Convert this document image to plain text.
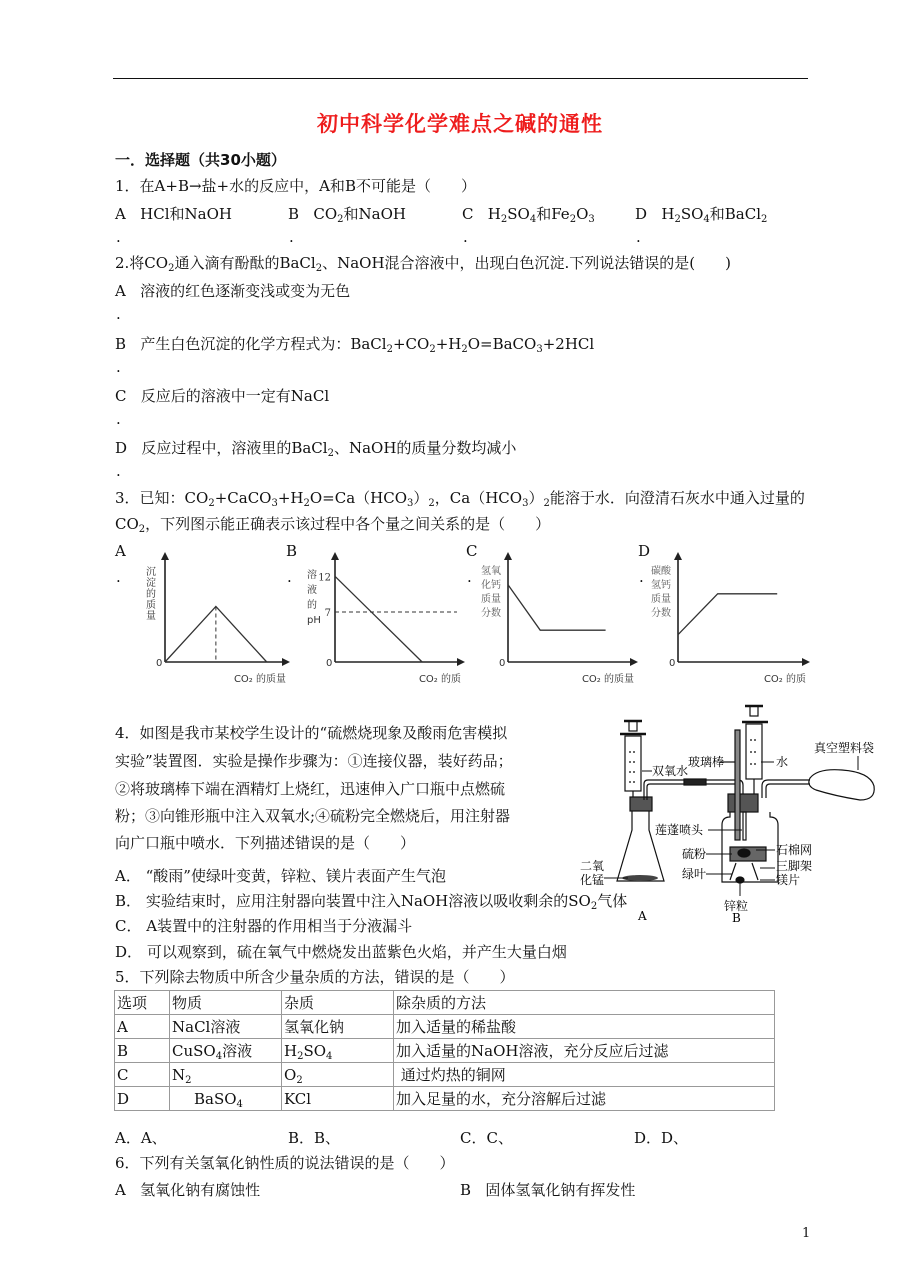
初中科学化学难点之碱的通性
一．选择题（共30小题）
1．在A+B→盐+水的反应中，A和B不可能是（　　）
A HCl和NaOH	B $CO_2$和NaOH	C $H_2SO_4$和$Fe_2O_3$	D $H_2SO_4$和BaCl$_2$
.	.	.	.
2.将$CO_2$通入滴有酚酞的BaCl$_2$、NaOH混合溶液中，出现白色沉淀.下列说法错误的是(　　)
A 溶液的红色逐渐变浅或变为无色
.
B 产生白色沉淀的化学方程式为：$BaCl_2+CO_2+H_2O=BaCO_3+2HCl$
.
C 反应后的溶液中一定有NaCl
.
D 反应过程中，溶液里的BaCl$_2$、NaOH的质量分数均减小
.
3．已知：$CO_2+CaCO_3+H_2O=Ca(HCO_3)_2$，$Ca(HCO_3)_2$能溶于水．向澄清石灰水中通入过量的
$CO_2$，下列图示能正确表示该过程中各个量之间关系的是（　　）
A	B	C	D
.	.	.	.
0
CO₂ 的质量
沉
淀
的
质
量
0
CO₂ 的质
溶
液
的
pH
7
12
0
CO₂ 的质量
氢氧
化钙
质量
分数
0
CO₂ 的质
碳酸
氢钙
质量
分数
4．如图是我市某校学生设计的“硫燃烧现象及酸雨危害模拟
实验”装置图．实验是操作步骤为：①连接仪器，装好药品；
②将玻璃棒下端在酒精灯上烧红，迅速伸入广口瓶中点燃硫
粉；③向锥形瓶中注入双氧水;④硫粉完全燃烧后，用注射器
向广口瓶中喷水．下列描述错误的是（　　）
A． “酸雨”使绿叶变黄，锌粒、镁片表面产生气泡
B． 实验结束时，应用注射器向装置中注入NaOH溶液以吸收剩余的$SO_2$气体
C． A装置中的注射器的作用相当于分液漏斗
D． 可以观察到，硫在氧气中燃烧发出蓝紫色火焰，并产生大量白烟
双氧水
玻璃棒	水
真空塑料袋
莲蓬喷头
硫粉	石棉网
三脚架
绿叶	镁片
二氧
化锰
锌粒
A	B
5．下列除去物质中所含少量杂质的方法，错误的是（　　）
选项	物质	杂质	除杂质的方法
A	NaCl溶液	氢氧化钠	加入适量的稀盐酸
B	CuSO$_4$溶液	$H_2SO_4$	加入适量的NaOH溶液，充分反应后过滤
C	$N_2$	$O_2$	通过灼热的铜网
D	BaSO$_4$	KCl	加入足量的水，充分溶解后过滤
A．A、	B．B、	C．C、	D．D、
6．下列有关氢氧化钠性质的说法错误的是（　　）
A 氢氧化钠有腐蚀性	B 固体氢氧化钠有挥发性
1
